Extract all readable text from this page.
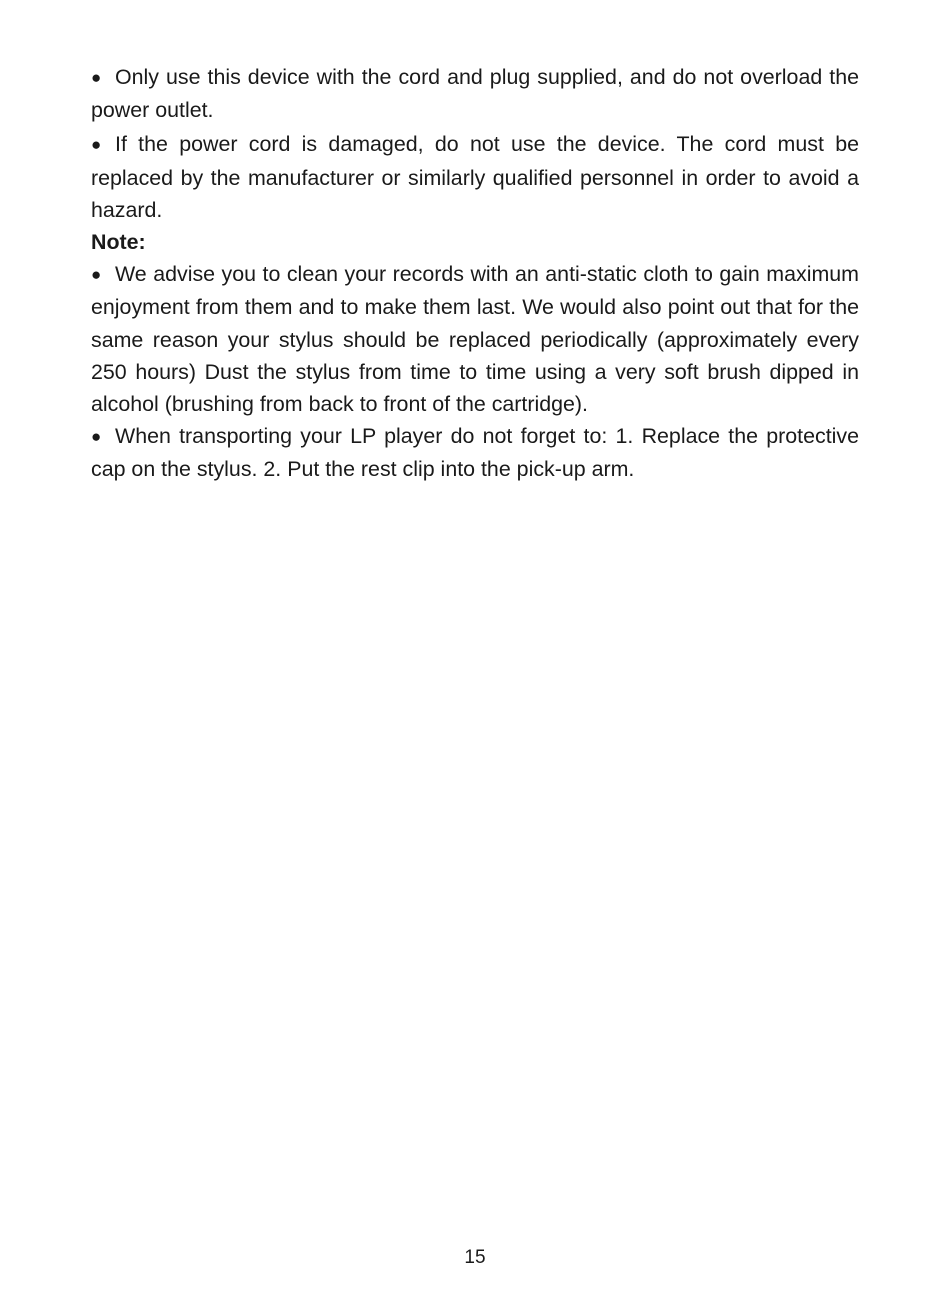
● Only use this device with the cord and plug supplied, and do not overload the power outlet.

● If the power cord is damaged, do not use the device. The cord must be replaced by the manufacturer or similarly qualified personnel in order to avoid a hazard.

Note:

● We advise you to clean your records with an anti-static cloth to gain maximum enjoyment from them and to make them last. We would also point out that for the same reason your stylus should be replaced periodically (approximately every 250 hours) Dust the stylus from time to time using a very soft brush dipped in alcohol (brushing from back to front of the cartridge).

● When transporting your LP player do not forget to: 1. Replace the protective cap on the stylus. 2. Put the rest clip into the pick-up arm.

15
